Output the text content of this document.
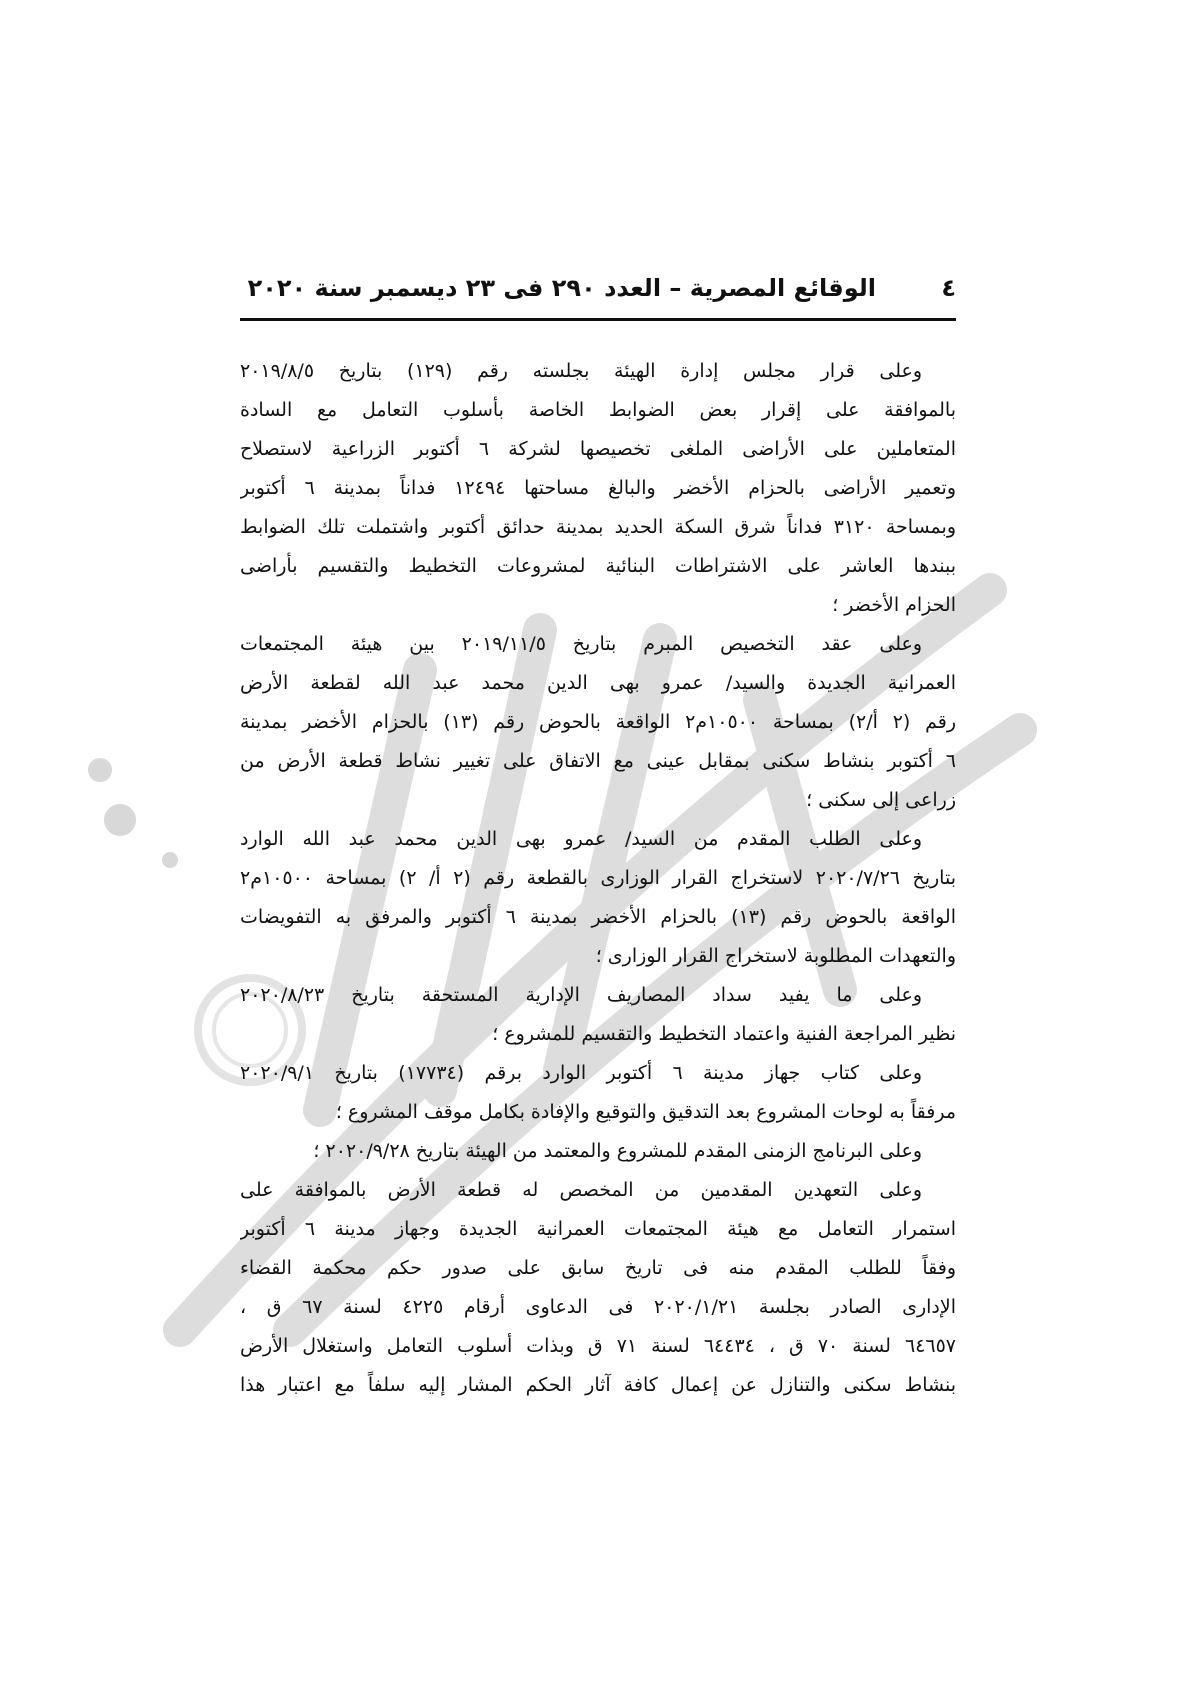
٤
الوقائع المصرية – العدد ٢٩٠ فى ٢٣ ديسمبر سنة ٢٠٢٠
وعلى قرار مجلس إدارة الهيئة بجلسته رقم (١٢٩) بتاريخ ٢٠١٩/٨/٥
بالموافقة على إقرار بعض الضوابط الخاصة بأسلوب التعامل مع السادة
المتعاملين على الأراضى الملغى تخصيصها لشركة ٦ أكتوبر الزراعية لاستصلاح
وتعمير الأراضى بالحزام الأخضر والبالغ مساحتها ١٢٤٩٤ فداناً بمدينة ٦ أكتوبر
وبمساحة ٣١٢٠ فداناً شرق السكة الحديد بمدينة حدائق أكتوبر واشتملت تلك الضوابط
ببندها العاشر على الاشتراطات البنائية لمشروعات التخطيط والتقسيم بأراضى
الحزام الأخضر ؛
وعلى عقد التخصيص المبرم بتاريخ ٢٠١٩/١١/٥ بين هيئة المجتمعات
العمرانية الجديدة والسيد/ عمرو بهى الدين محمد عبد الله لقطعة الأرض
رقم (٢ أ/٢) بمساحة ١٠٥٠٠م٢ الواقعة بالحوض رقم (١٣) بالحزام الأخضر بمدينة
٦ أكتوبر بنشاط سكنى بمقابل عينى مع الاتفاق على تغيير نشاط قطعة الأرض من
زراعى إلى سكنى ؛
وعلى الطلب المقدم من السيد/ عمرو بهى الدين محمد عبد الله الوارد
بتاريخ ٢٠٢٠/٧/٢٦ لاستخراج القرار الوزارى بالقطعة رقم (٢ أ/ ٢) بمساحة ١٠٥٠٠م٢
الواقعة بالحوض رقم (١٣) بالحزام الأخضر بمدينة ٦ أكتوبر والمرفق به التفويضات
والتعهدات المطلوبة لاستخراج القرار الوزارى ؛
وعلى ما يفيد سداد المصاريف الإدارية المستحقة بتاريخ ٢٠٢٠/٨/٢٣
نظير المراجعة الفنية واعتماد التخطيط والتقسيم للمشروع ؛
وعلى كتاب جهاز مدينة ٦ أكتوبر الوارد برقم (١٧٧٣٤) بتاريخ ٢٠٢٠/٩/١
مرفقاً به لوحات المشروع بعد التدقيق والتوقيع والإفادة بكامل موقف المشروع ؛
وعلى البرنامج الزمنى المقدم للمشروع والمعتمد من الهيئة بتاريخ ٢٠٢٠/٩/٢٨ ؛
وعلى التعهدين المقدمين من المخصص له قطعة الأرض بالموافقة على
استمرار التعامل مع هيئة المجتمعات العمرانية الجديدة وجهاز مدينة ٦ أكتوبر
وفقاً للطلب المقدم منه فى تاريخ سابق على صدور حكم محكمة القضاء
الإدارى الصادر بجلسة ٢٠٢٠/١/٢١ فى الدعاوى أرقام ٤٢٢٥ لسنة ٦٧ ق ،
٦٤٦٥٧ لسنة ٧٠ ق ، ٦٤٤٣٤ لسنة ٧١ ق وبذات أسلوب التعامل واستغلال الأرض
بنشاط سكنى والتنازل عن إعمال كافة آثار الحكم المشار إليه سلفاً مع اعتبار هذا
